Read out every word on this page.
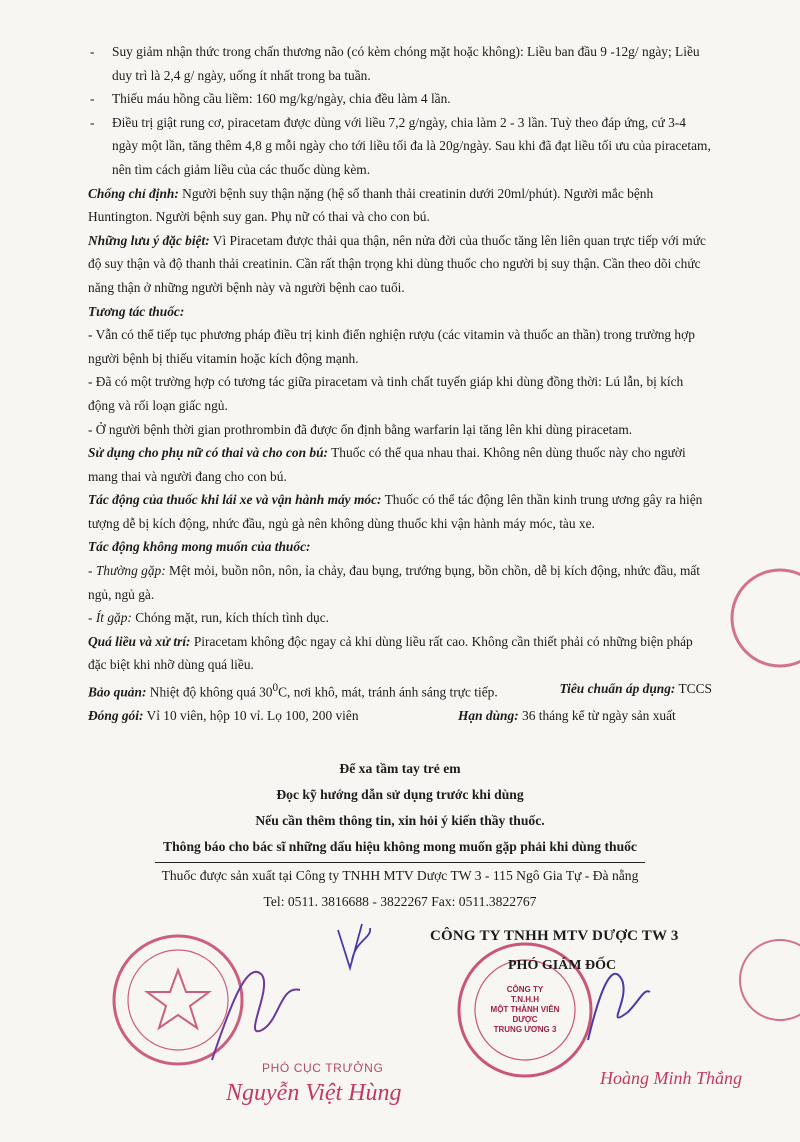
- Suy giảm nhận thức trong chấn thương não (có kèm chóng mặt hoặc không): Liều ban đầu 9 -12g/ ngày; Liều duy trì là 2,4 g/ ngày, uống ít nhất trong ba tuần.

- Thiếu máu hồng cầu liềm: 160 mg/kg/ngày, chia đều làm 4 lần.

- Điều trị giật rung cơ, piracetam được dùng với liều 7,2 g/ngày, chia làm 2 - 3 lần. Tuỳ theo đáp ứng, cứ 3-4 ngày một lần, tăng thêm 4,8 g mỗi ngày cho tới liều tối đa là 20g/ngày. Sau khi đã đạt liều tối ưu của piracetam, nên tìm cách giảm liều của các thuốc dùng kèm.

Chống chỉ định: Người bệnh suy thận nặng (hệ số thanh thải creatinin dưới 20ml/phút). Người mắc bệnh Huntington. Người bệnh suy gan. Phụ nữ có thai và cho con bú.

Những lưu ý đặc biệt: Vì Piracetam được thải qua thận, nên nửa đời của thuốc tăng lên liên quan trực tiếp với mức độ suy thận và độ thanh thải creatinin. Cần rất thận trọng khi dùng thuốc cho người bị suy thận. Cần theo dõi chức năng thận ở những người bệnh này và người bệnh cao tuổi.

Tương tác thuốc:

- Vẫn có thể tiếp tục phương pháp điều trị kinh điển nghiện rượu (các vitamin và thuốc an thần) trong trường hợp người bệnh bị thiếu vitamin hoặc kích động mạnh.

- Đã có một trường hợp có tương tác giữa piracetam và tinh chất tuyến giáp khi dùng đồng thời: Lú lẫn, bị kích động và rối loạn giấc ngủ.

- Ở người bệnh thời gian prothrombin đã được ổn định bằng warfarin lại tăng lên khi dùng piracetam.

Sử dụng cho phụ nữ có thai và cho con bú: Thuốc có thể qua nhau thai. Không nên dùng thuốc này cho người mang thai và người đang cho con bú.

Tác động của thuốc khi lái xe và vận hành máy móc: Thuốc có thể tác động lên thần kinh trung ương gây ra hiện tượng dễ bị kích động, nhức đầu, ngủ gà nên không dùng thuốc khi vận hành máy móc, tàu xe.

Tác động không mong muốn của thuốc:

- Thường gặp: Mệt mỏi, buồn nôn, nôn, ỉa chảy, đau bụng, trướng bụng, bồn chồn, dễ bị kích động, nhức đầu, mất ngủ, ngủ gà.

- Ít gặp: Chóng mặt, run, kích thích tình dục.

Quá liều và xử trí: Piracetam không độc ngay cả khi dùng liều rất cao. Không cần thiết phải có những biện pháp đặc biệt khi nhỡ dùng quá liều.

Bảo quản: Nhiệt độ không quá $30^0C$, nơi khô, mát, tránh ánh sáng trực tiếp.	Tiêu chuẩn áp dụng: TCCS

Đóng gói: Vỉ 10 viên, hộp 10 vỉ. Lọ 100, 200 viên	Hạn dùng: 36 tháng kể từ ngày sản xuất

Để xa tầm tay trẻ em

Đọc kỹ hướng dẫn sử dụng trước khi dùng

Nếu cần thêm thông tin, xin hỏi ý kiến thầy thuốc.

Thông báo cho bác sĩ những dấu hiệu không mong muốn gặp phải khi dùng thuốc

Thuốc được sản xuất tại Công ty TNHH MTV Dược TW 3 - 115 Ngô Gia Tự - Đà nẵng

Tel: 0511. 3816688 - 3822267 Fax: 0511.3822767

CÔNG TY
T.N.H.H
MỘT THÀNH VIÊN
DƯỢC
TRUNG ƯƠNG 3
CÔNG TY TNHH MTV DƯỢC TW 3
PHÓ GIÁM ĐỐC
PHÓ CỤC TRƯỞNG
Nguyễn Việt Hùng
Hoàng Minh Thắng
